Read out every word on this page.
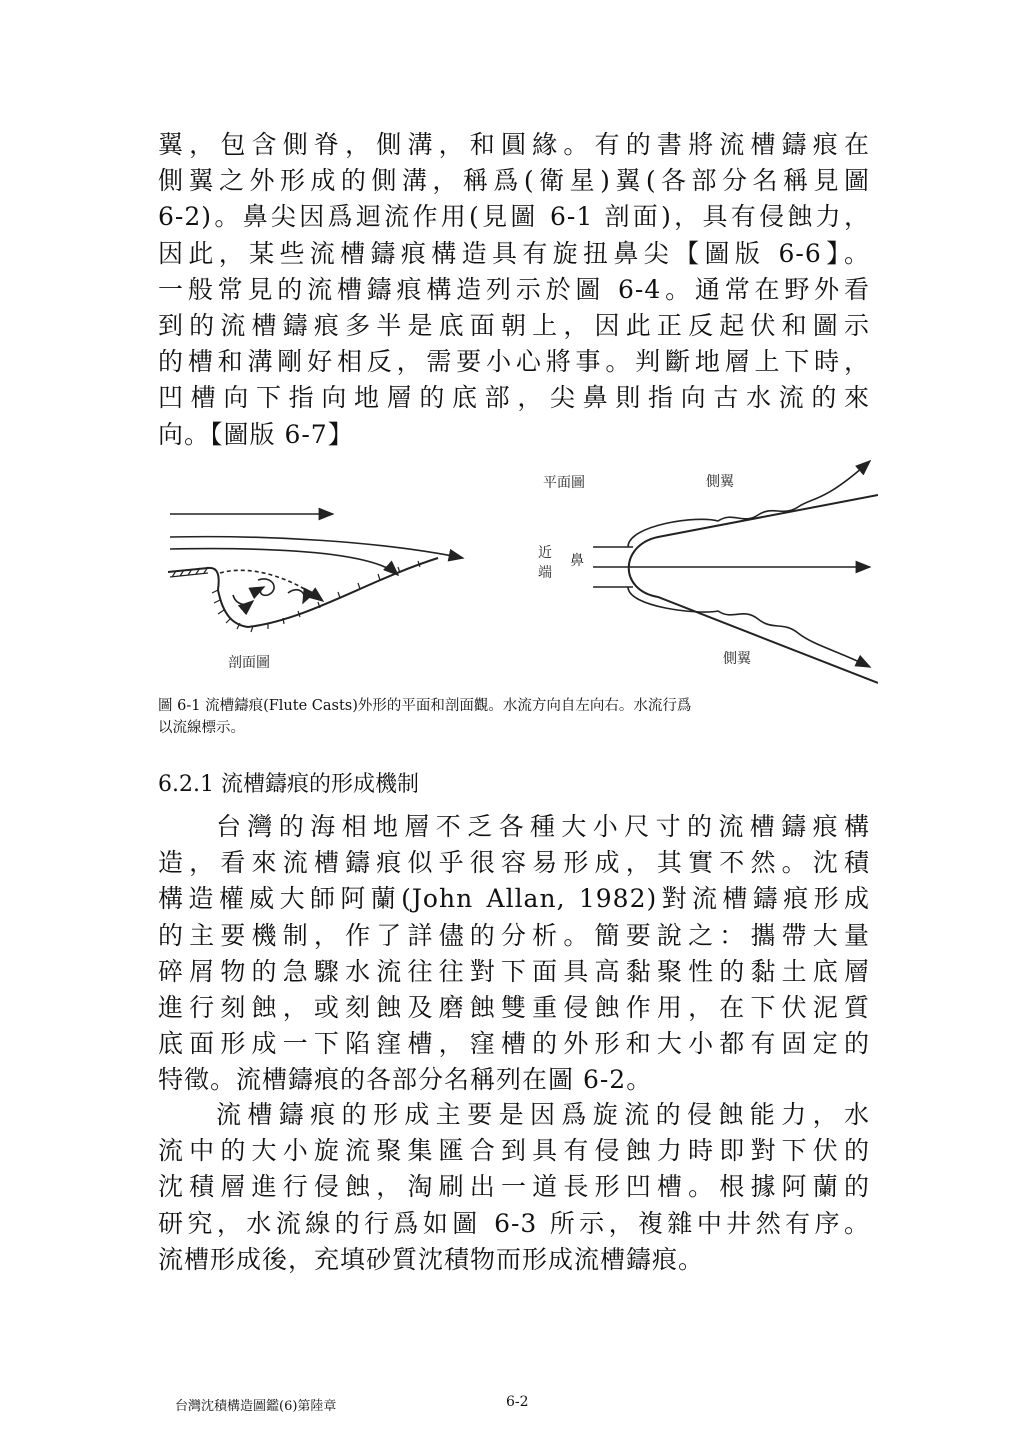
翼，包含側脊，側溝，和圓緣。有的書將流槽鑄痕在
側翼之外形成的側溝，稱爲(衛星)翼(各部分名稱見圖
6-2)。鼻尖因爲迴流作用(見圖 6-1 剖面)，具有侵蝕力，
因此，某些流槽鑄痕構造具有旋扭鼻尖【圖版 6-6】。
一般常見的流槽鑄痕構造列示於圖 6-4。通常在野外看
到的流槽鑄痕多半是底面朝上，因此正反起伏和圖示
的槽和溝剛好相反，需要小心將事。判斷地層上下時，
凹槽向下指向地層的底部，尖鼻則指向古水流的來
向。【圖版 6-7】
剖面圖
平面圖	側翼
側翼
近
端
鼻
圖 6-1 流槽鑄痕(Flute Casts)外形的平面和剖面觀。水流方向自左向右。水流行爲
以流線標示。
6.2.1 流槽鑄痕的形成機制
台灣的海相地層不乏各種大小尺寸的流槽鑄痕構
造，看來流槽鑄痕似乎很容易形成，其實不然。沈積
構造權威大師阿蘭(John Allan, 1982)對流槽鑄痕形成
的主要機制，作了詳儘的分析。簡要說之：攜帶大量
碎屑物的急驟水流往往對下面具高黏聚性的黏土底層
進行刻蝕，或刻蝕及磨蝕雙重侵蝕作用，在下伏泥質
底面形成一下陷窪槽，窪槽的外形和大小都有固定的
特徵。流槽鑄痕的各部分名稱列在圖 6-2。
流槽鑄痕的形成主要是因爲旋流的侵蝕能力，水
流中的大小旋流聚集匯合到具有侵蝕力時即對下伏的
沈積層進行侵蝕，淘刷出一道長形凹槽。根據阿蘭的
研究，水流線的行爲如圖 6-3 所示，複雜中井然有序。
流槽形成後，充填砂質沈積物而形成流槽鑄痕。
台灣沈積構造圖鑑(6)第陸章	6-2
